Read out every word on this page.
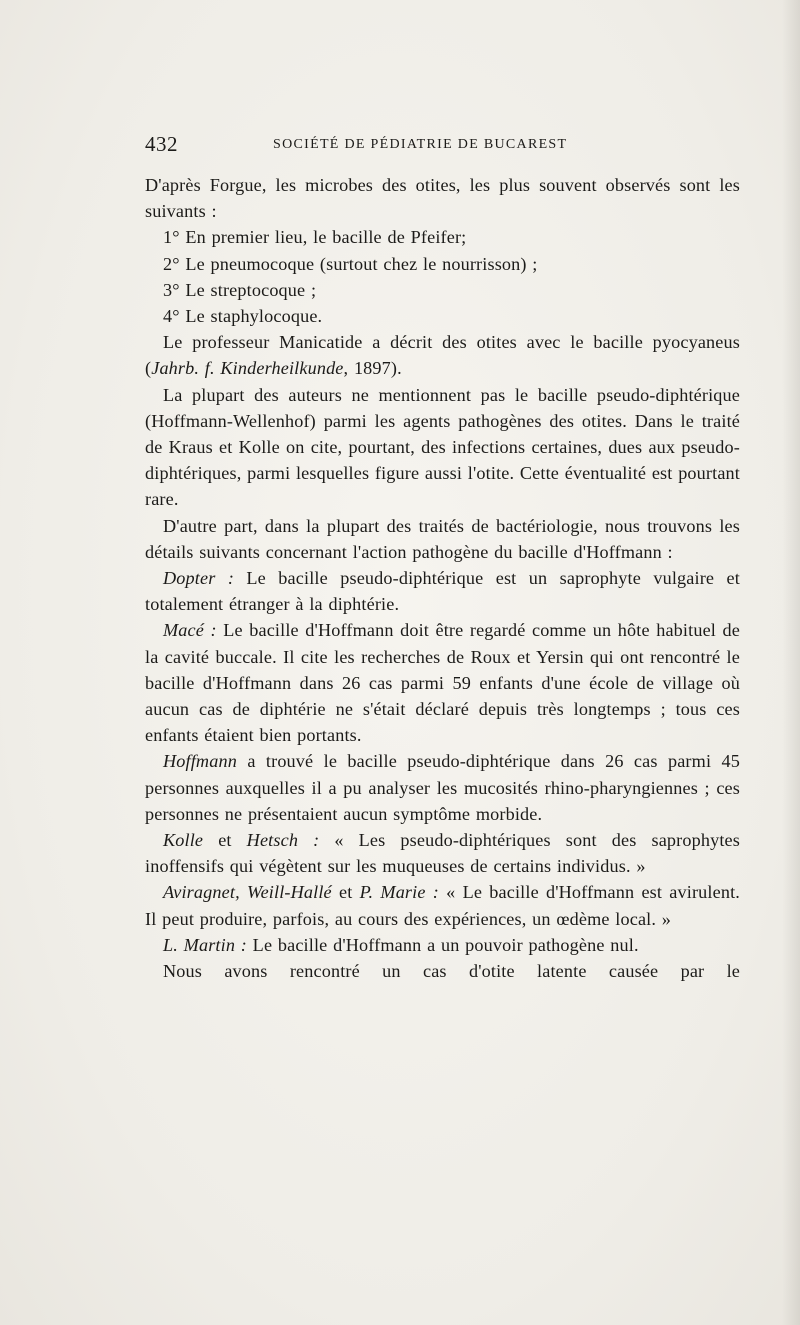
432	SOCIÉTÉ DE PÉDIATRIE DE BUCAREST

D'après Forgue, les microbes des otites, les plus souvent observés sont les suivants :

1° En premier lieu, le bacille de Pfeifer;

2° Le pneumocoque (surtout chez le nourrisson) ;

3° Le streptocoque ;

4° Le staphylocoque.

Le professeur Manicatide a décrit des otites avec le bacille pyocyaneus (Jahrb. f. Kinderheilkunde, 1897).

La plupart des auteurs ne mentionnent pas le bacille pseudo-diphtérique (Hoffmann-Wellenhof) parmi les agents pathogènes des otites. Dans le traité de Kraus et Kolle on cite, pourtant, des infections certaines, dues aux pseudo-diphtériques, parmi lesquelles figure aussi l'otite. Cette éventualité est pourtant rare.

D'autre part, dans la plupart des traités de bactériologie, nous trouvons les détails suivants concernant l'action pathogène du bacille d'Hoffmann :

Dopter : Le bacille pseudo-diphtérique est un saprophyte vulgaire et totalement étranger à la diphtérie.

Macé : Le bacille d'Hoffmann doit être regardé comme un hôte habituel de la cavité buccale. Il cite les recherches de Roux et Yersin qui ont rencontré le bacille d'Hoffmann dans 26 cas parmi 59 enfants d'une école de village où aucun cas de diphtérie ne s'était déclaré depuis très longtemps ; tous ces enfants étaient bien portants.

Hoffmann a trouvé le bacille pseudo-diphtérique dans 26 cas parmi 45 personnes auxquelles il a pu analyser les mucosités rhino-pharyngiennes ; ces personnes ne présentaient aucun symptôme morbide.

Kolle et Hetsch : « Les pseudo-diphtériques sont des saprophytes inoffensifs qui végètent sur les muqueuses de certains individus. »

Aviragnet, Weill-Hallé et P. Marie : « Le bacille d'Hoffmann est avirulent. Il peut produire, parfois, au cours des expériences, un œdème local. »

L. Martin : Le bacille d'Hoffmann a un pouvoir pathogène nul.

Nous avons rencontré un cas d'otite latente causée par le
